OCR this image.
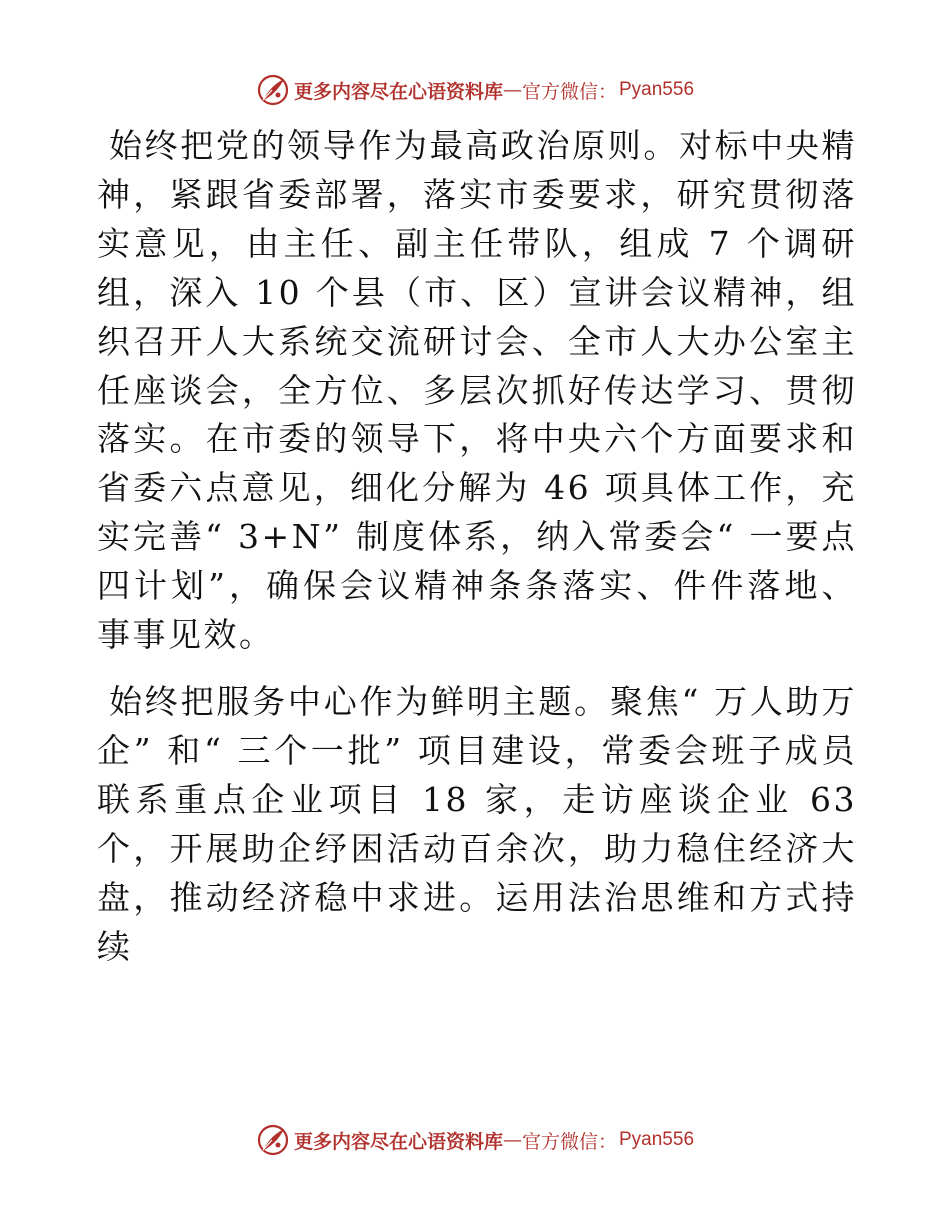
更多内容尽在心语资料库 — 官方微信： Pyan556

始终把党的领导作为最高政治原则。对标中央精神，紧跟省委部署，落实市委要求，研究贯彻落实意见，由主任、副主任带队，组成 7 个调研组，深入 10 个县（市、区）宣讲会议精神，组织召开人大系统交流研讨会、全市人大办公室主任座谈会，全方位、多层次抓好传达学习、贯彻落实。在市委的领导下，将中央六个方面要求和省委六点意见，细化分解为 46 项具体工作，充实完善“ 3+N” 制度体系，纳入常委会“ 一要点四计划”，确保会议精神条条落实、件件落地、事事见效。

始终把服务中心作为鲜明主题。聚焦“ 万人助万企” 和“ 三个一批” 项目建设，常委会班子成员联系重点企业项目 18 家，走访座谈企业 63 个，开展助企纾困活动百余次，助力稳住经济大盘，推动经济稳中求进。运用法治思维和方式持续

更多内容尽在心语资料库 — 官方微信： Pyan556
